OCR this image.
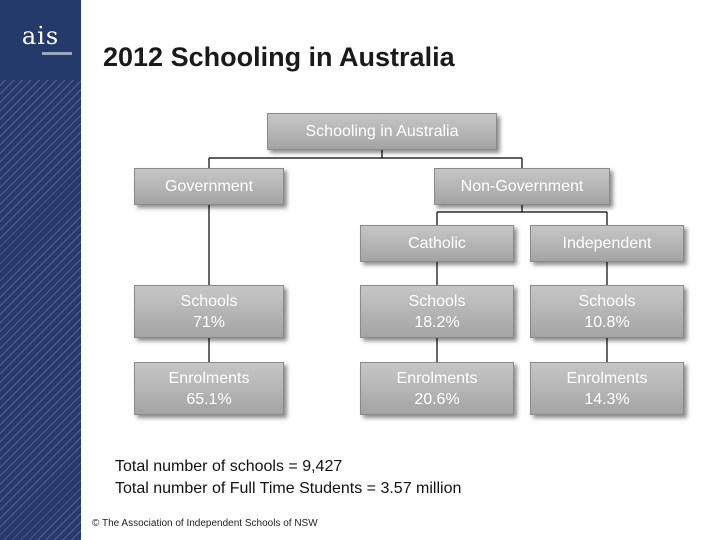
ais
2012 Schooling in Australia
Schooling in Australia
Government	Non-Government
Catholic	Independent
Schools
71%
Schools
18.2%
Schools
10.8%
Enrolments
65.1%
Enrolments
20.6%
Enrolments
14.3%
Total number of schools = 9,427
Total number of Full Time Students = 3.57 million
© The Association of Independent Schools of NSW
